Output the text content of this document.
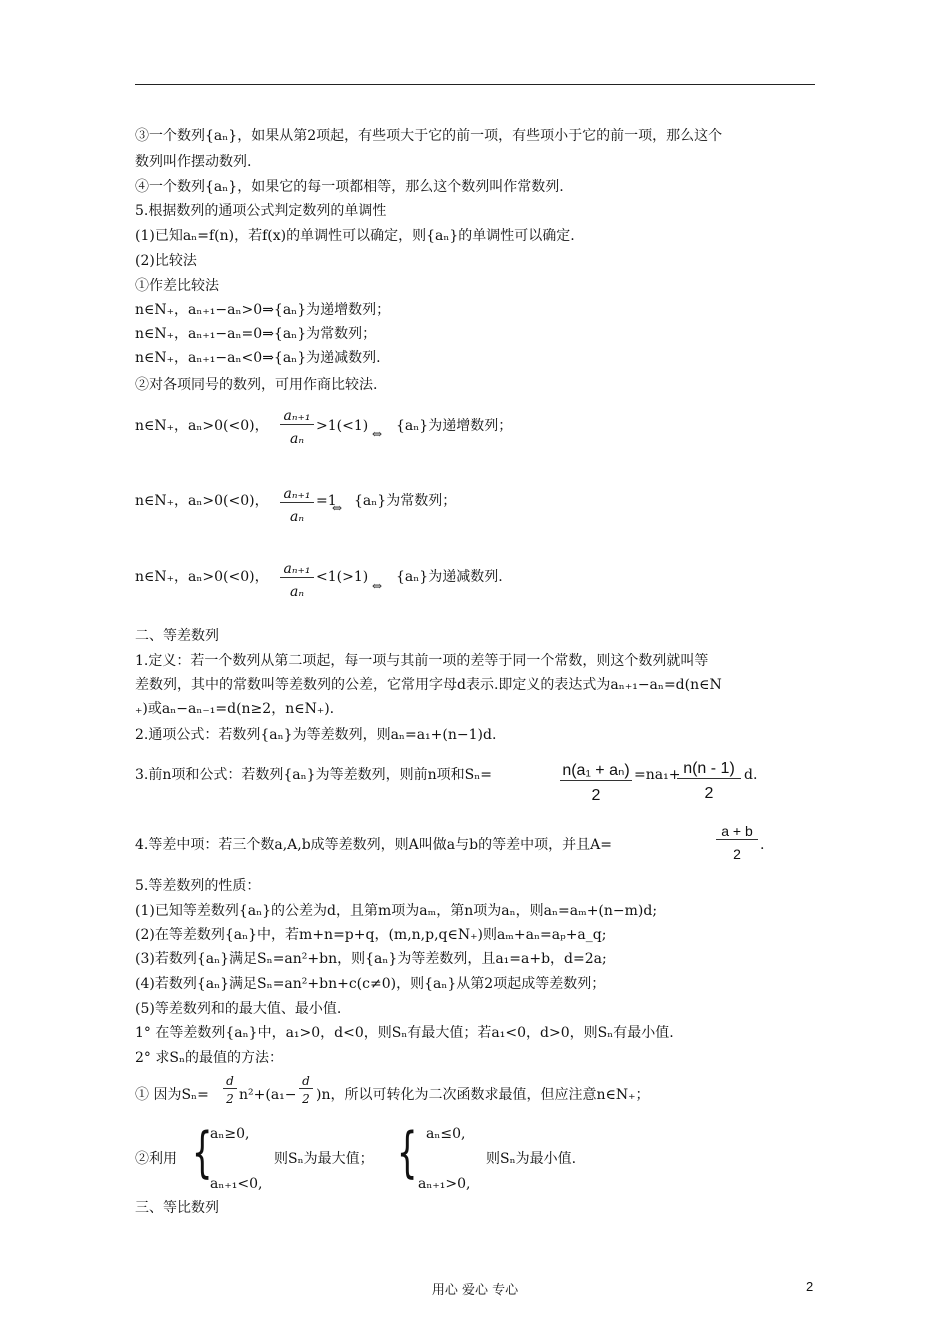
③一个数列{aₙ}，如果从第2项起，有些项大于它的前一项，有些项小于它的前一项，那么这个
数列叫作摆动数列.
④一个数列{aₙ}，如果它的每一项都相等，那么这个数列叫作常数列.
5.根据数列的通项公式判定数列的单调性
(1)已知aₙ=f(n)，若f(x)的单调性可以确定，则{aₙ}的单调性可以确定.
(2)比较法
①作差比较法
n∈N₊，aₙ₊₁−aₙ>0⇒{aₙ}为递增数列；
n∈N₊，aₙ₊₁−aₙ=0⇒{aₙ}为常数列；
n∈N₊，aₙ₊₁−aₙ<0⇒{aₙ}为递减数列.
②对各项同号的数列，可用作商比较法.
n∈N₊，aₙ>0(<0)， $\frac{\text{aₙ₊₁}}{\text{aₙ}} >1(<1)$ ⇔ {aₙ}为递增数列；
n∈N₊，aₙ>0(<0)， $\frac{\text{aₙ₊₁}}{\text{aₙ}} =1$
⇔ {aₙ}为常数列；
n∈N₊，aₙ>0(<0)， $\frac{\text{aₙ₊₁}}{\text{aₙ}} <1(>1)$
⇔
{aₙ}为递减数列.
二、等差数列
1.定义：若一个数列从第二项起，每一项与其前一项的差等于同一个常数，则这个数列就叫等
差数列，其中的常数叫等差数列的公差，它常用字母d表示.即定义的表达式为aₙ₊₁−aₙ=d(n∈N
₊)或aₙ−aₙ₋₁=d(n≥2，n∈N₊).
2.通项公式：若数列{aₙ}为等差数列，则aₙ=a₁+(n−1)d.
3.前n项和公式：若数列{aₙ}为等差数列，则前n项和Sₙ=	$\frac{\text{n(a₁ + aₙ)}}{2} =na_1+$
$\frac{n(n - 1)}{2} d$.
4.等差中项：若三个数a,A,b成等差数列，则A叫做a与b的等差中项，并且A=	$\frac{a + b}{2}$ .
5.等差数列的性质：
(1)已知等差数列{aₙ}的公差为d，且第m项为aₘ，第n项为aₙ，则aₙ=aₘ+(n−m)d;
(2)在等差数列{aₙ}中，若m+n=p+q，(m,n,p,q∈N₊)则aₘ+aₙ=aₚ+a_q;
(3)若数列{aₙ}满足Sₙ=an²+bn，则{aₙ}为等差数列，且a₁=a+b，d=2a;
(4)若数列{aₙ}满足Sₙ=an²+bn+c(c≠0)，则{aₙ}从第2项起成等差数列；
(5)等差数列和的最大值、最小值.
1° 在等差数列{aₙ}中，a₁>0，d<0，则Sₙ有最大值；若a₁<0，d>0，则Sₙ有最小值.
2° 求Sₙ的最值的方法：
① 因为$S_n= \frac{d}{2} n^2+(a_1- \frac{d}{2} )n$，所以可转化为二次函数求最值，但应注意n∈N₊；
②利用 {
aₙ≥0,
aₙ₊₁<0,
则Sₙ为最大值； { aₙ≤0,
aₙ₊₁>0,
则Sₙ为最小值.
三、等比数列
用心 爱心 专心	2
